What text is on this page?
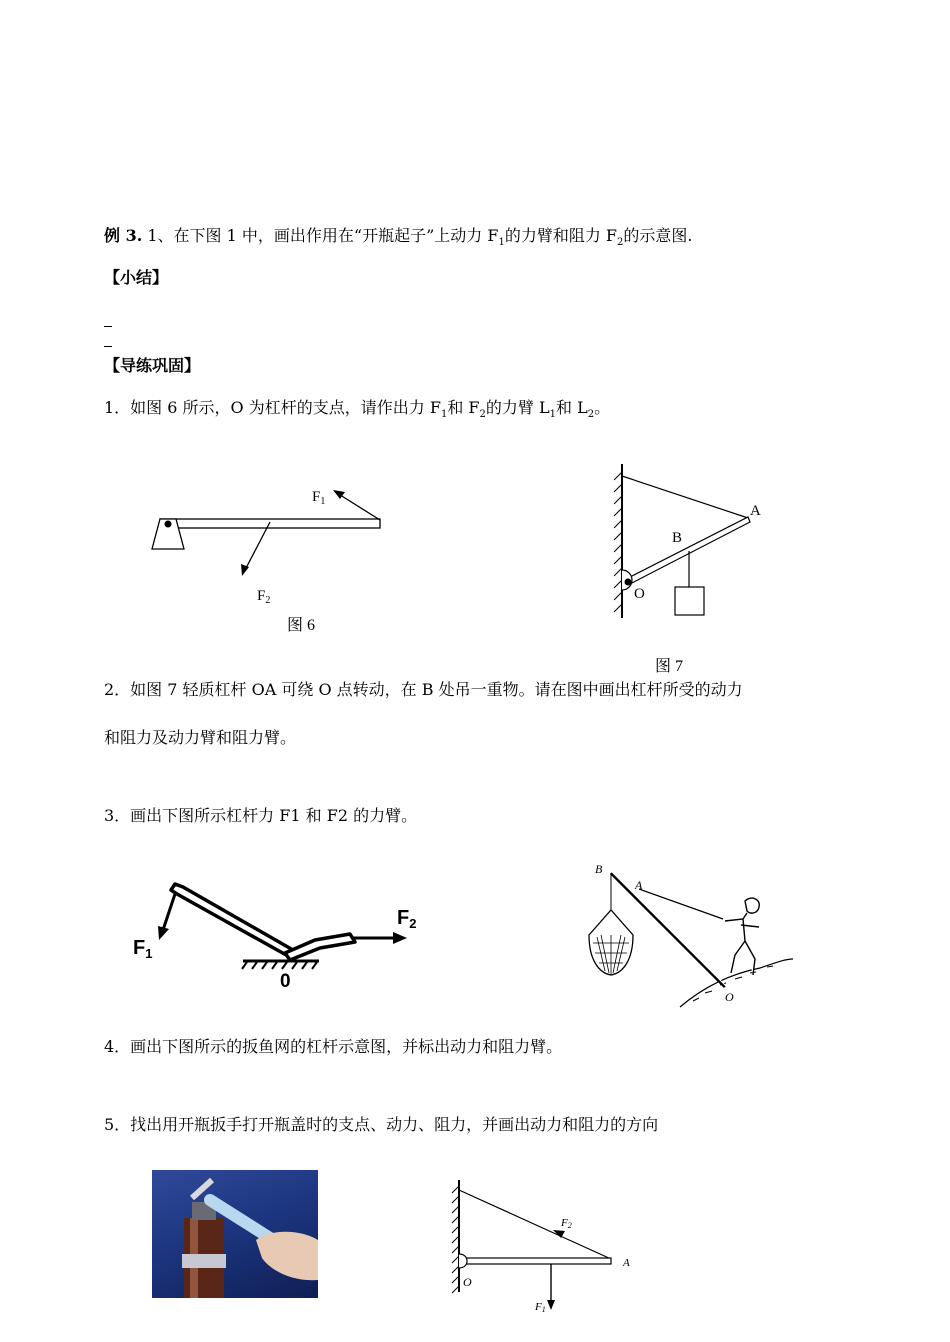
例 3. 1、在下图 1 中，画出作用在“开瓶起子”上动力 $F_1$的力臂和阻力 $F_2$的示意图.
【小结】
【导练巩固】
1．如图 6 所示，O 为杠杆的支点，请作出力 $F_1$和 $F_2$的力臂 $L_1$和 $L_2$。
$F_1$
$F_2$
图 6
A
B
O
图 7
2．如图 7 轻质杠杆 OA 可绕 O 点转动，在 B 处吊一重物。请在图中画出杠杆所受的动力
和阻力及动力臂和阻力臂。
3．画出下图所示杠杆力 F1 和 F2 的力臂。
$F_1$
$F_2$
0
B
A
O
4．画出下图所示的扳鱼网的杠杆示意图，并标出动力和阻力臂。
5．找出用开瓶扳手打开瓶盖时的支点、动力、阻力，并画出动力和阻力的方向
F2
A
O
F1
